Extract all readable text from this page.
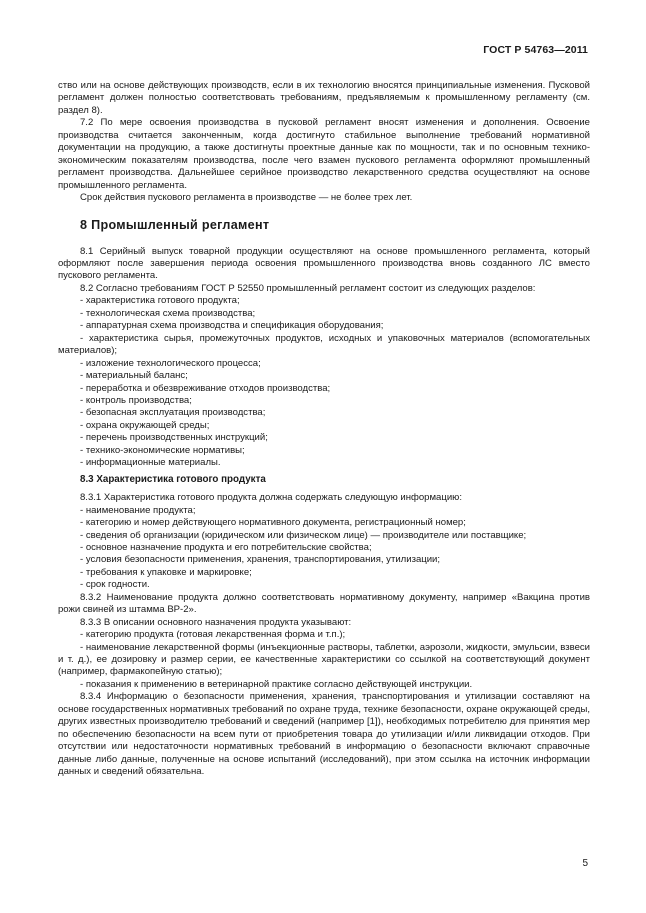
ГОСТ Р 54763—2011

ство или на основе действующих производств, если в их технологию вносятся принципиальные изменения. Пусковой регламент должен полностью соответствовать требованиям, предъявляемым к промышленному регламенту (см. раздел 8).

7.2 По мере освоения производства в пусковой регламент вносят изменения и дополнения. Освоение производства считается законченным, когда достигнуто стабильное выполнение требований нормативной документации на продукцию, а также достигнуты проектные данные как по мощности, так и по основным технико-экономическим показателям производства, после чего взамен пускового регламента оформляют промышленный регламент производства. Дальнейшее серийное производство лекарственного средства осуществляют на основе промышленного регламента.

Срок действия пускового регламента в производстве — не более трех лет.

8 Промышленный регламент

8.1 Серийный выпуск товарной продукции осуществляют на основе промышленного регламента, который оформляют после завершения периода освоения промышленного производства вновь созданного ЛС вместо пускового регламента.

8.2 Согласно требованиям ГОСТ Р 52550 промышленный регламент состоит из следующих разделов:

- характеристика готового продукта;

- технологическая схема производства;

- аппаратурная схема производства и спецификация оборудования;

- характеристика сырья, промежуточных продуктов, исходных и упаковочных материалов (вспомогательных материалов);

- изложение технологического процесса;

- материальный баланс;

- переработка и обезвреживание отходов производства;

- контроль производства;

- безопасная эксплуатация производства;

- охрана окружающей среды;

- перечень производственных инструкций;

- технико-экономические нормативы;

- информационные материалы.

8.3 Характеристика готового продукта

8.3.1 Характеристика готового продукта должна содержать следующую информацию:

- наименование продукта;

- категорию и номер действующего нормативного документа, регистрационный номер;

- сведения об организации (юридическом или физическом лице) — производителе или поставщике;

- основное назначение продукта и его потребительские свойства;

- условия безопасности применения, хранения, транспортирования, утилизации;

- требования к упаковке и маркировке;

- срок годности.

8.3.2 Наименование продукта должно соответствовать нормативному документу, например «Вакцина против рожи свиней из штамма ВР-2».

8.3.3 В описании основного назначения продукта указывают:

- категорию продукта (готовая лекарственная форма и т.п.);

- наименование лекарственной формы (инъекционные растворы, таблетки, аэрозоли, жидкости, эмульсии, взвеси и т. д.), ее дозировку и размер серии, ее качественные характеристики со ссылкой на соответствующий документ (например, фармакопейную статью);

- показания к применению в ветеринарной практике согласно действующей инструкции.

8.3.4 Информацию о безопасности применения, хранения, транспортирования и утилизации составляют на основе государственных нормативных требований по охране труда, технике безопасности, охране окружающей среды, других известных производителю требований и сведений (например [1]), необходимых потребителю для принятия мер по обеспечению безопасности на всем пути от приобретения товара до утилизации и/или ликвидации отходов. При отсутствии или недостаточности нормативных требований в информацию о безопасности включают справочные данные либо данные, полученные на основе испытаний (исследований), при этом ссылка на источник информации данных и сведений обязательна.

5
